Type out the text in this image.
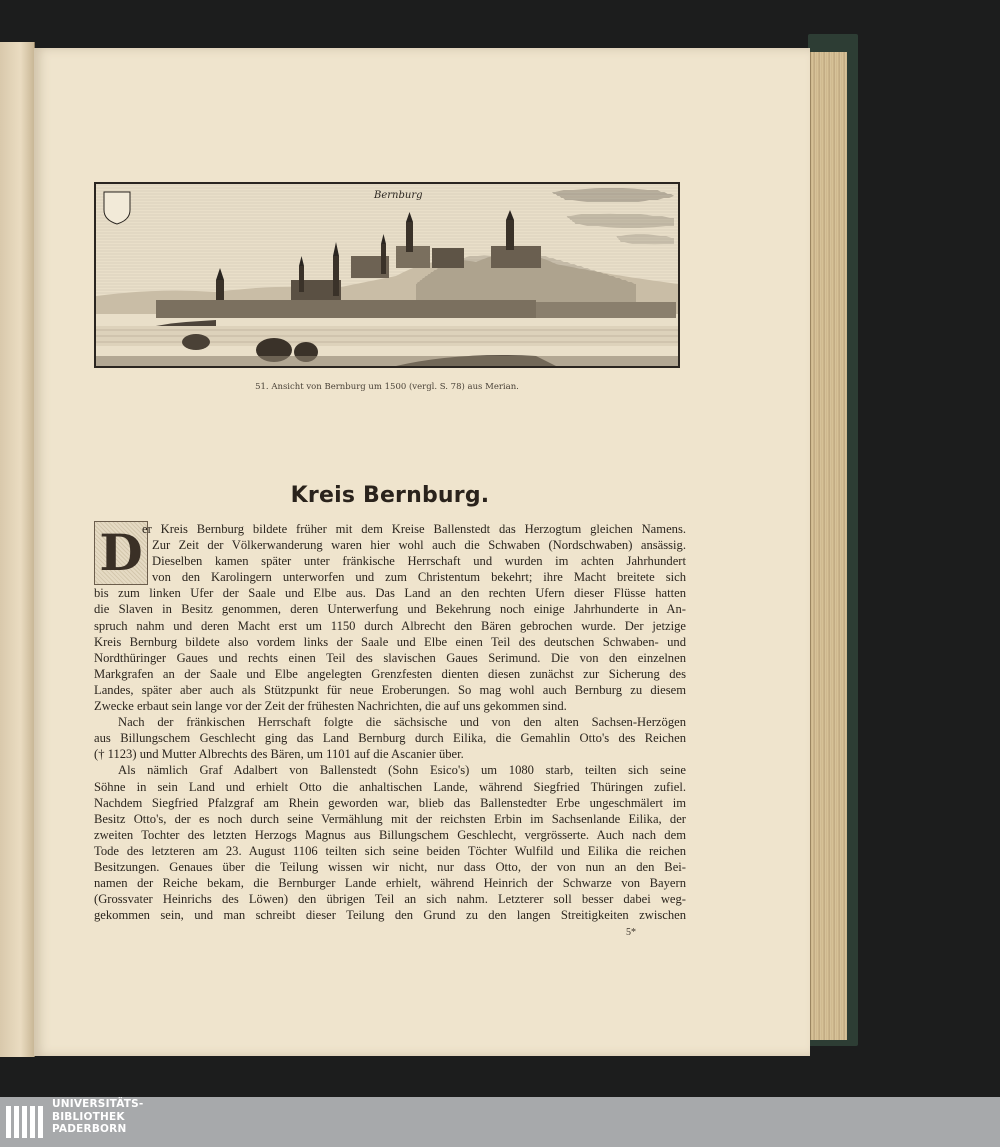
Bernburg
51. Ansicht von Bernburg um 1500 (vergl. S. 78) aus Merian.
Kreis Bernburg.
D er Kreis Bernburg bildete früher mit dem Kreise Ballenstedt das Herzogtum gleichen Namens.
Zur Zeit der Völkerwanderung waren hier wohl auch die Schwaben (Nordschwaben) ansässig.
Dieselben kamen später unter fränkische Herrschaft und wurden im achten Jahrhundert
von den Karolingern unterworfen und zum Christentum bekehrt; ihre Macht breitete sich
bis zum linken Ufer der Saale und Elbe aus. Das Land an den rechten Ufern dieser Flüsse hatten
die Slaven in Besitz genommen, deren Unterwerfung und Bekehrung noch einige Jahrhunderte in An-
spruch nahm und deren Macht erst um 1150 durch Albrecht den Bären gebrochen wurde. Der jetzige
Kreis Bernburg bildete also vordem links der Saale und Elbe einen Teil des deutschen Schwaben- und
Nordthüringer Gaues und rechts einen Teil des slavischen Gaues Serimund. Die von den einzelnen
Markgrafen an der Saale und Elbe angelegten Grenzfesten dienten diesen zunächst zur Sicherung des
Landes, später aber auch als Stützpunkt für neue Eroberungen. So mag wohl auch Bernburg zu diesem
Zwecke erbaut sein lange vor der Zeit der frühesten Nachrichten, die auf uns gekommen sind.
Nach der fränkischen Herrschaft folgte die sächsische und von den alten Sachsen-Herzögen
aus Billungschem Geschlecht ging das Land Bernburg durch Eilika, die Gemahlin Otto's des Reichen
(† 1123) und Mutter Albrechts des Bären, um 1101 auf die Ascanier über.
Als nämlich Graf Adalbert von Ballenstedt (Sohn Esico's) um 1080 starb, teilten sich seine
Söhne in sein Land und erhielt Otto die anhaltischen Lande, während Siegfried Thüringen zufiel.
Nachdem Siegfried Pfalzgraf am Rhein geworden war, blieb das Ballenstedter Erbe ungeschmälert im
Besitz Otto's, der es noch durch seine Vermählung mit der reichsten Erbin im Sachsenlande Eilika, der
zweiten Tochter des letzten Herzogs Magnus aus Billungschem Geschlecht, vergrösserte. Auch nach dem
Tode des letzteren am 23. August 1106 teilten sich seine beiden Töchter Wulfild und Eilika die reichen
Besitzungen. Genaues über die Teilung wissen wir nicht, nur dass Otto, der von nun an den Bei-
namen der Reiche bekam, die Bernburger Lande erhielt, während Heinrich der Schwarze von Bayern
(Grossvater Heinrichs des Löwen) den übrigen Teil an sich nahm. Letzterer soll besser dabei weg-
gekommen sein, und man schreibt dieser Teilung den Grund zu den langen Streitigkeiten zwischen
5*
UNIVERSITÄTS-
BIBLIOTHEK
PADERBORN
